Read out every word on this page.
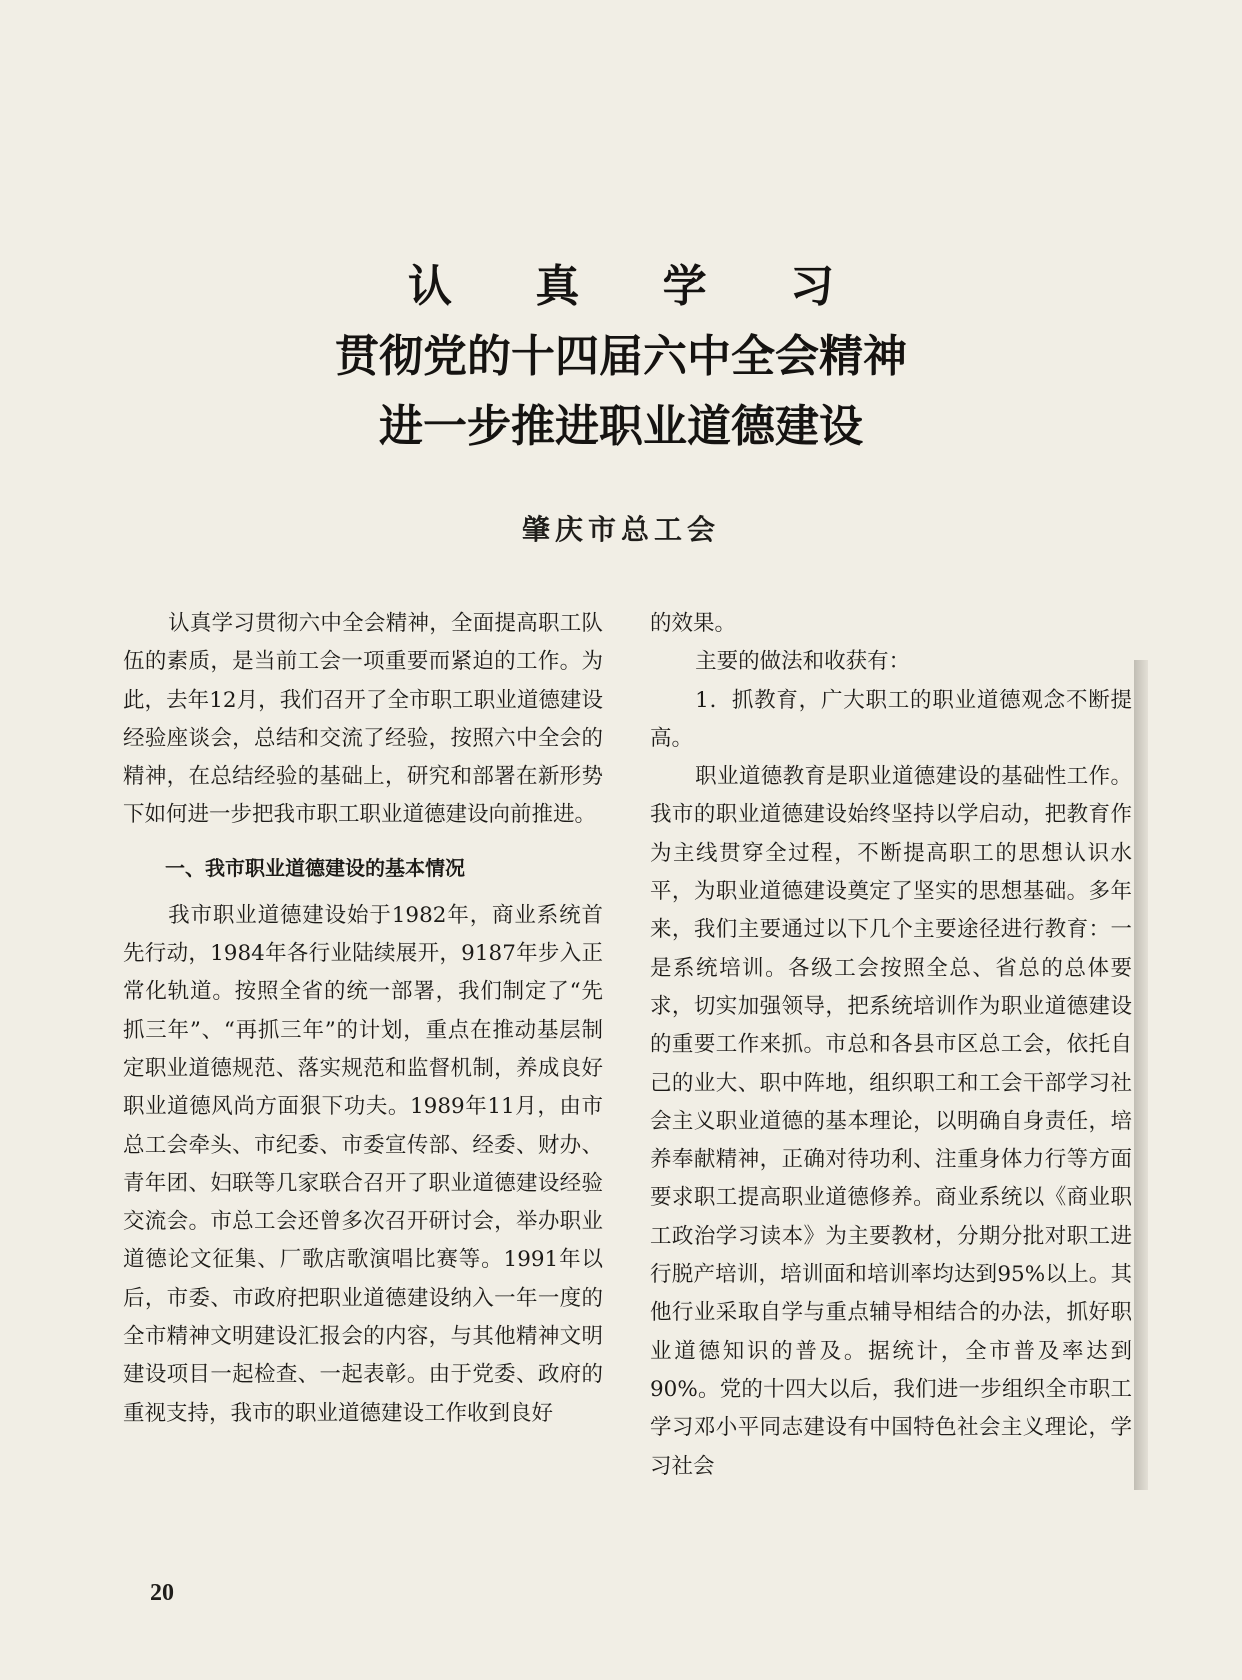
认 真 学 习
贯彻党的十四届六中全会精神
进一步推进职业道德建设
肇庆市总工会

认真学习贯彻六中全会精神，全面提高职工队伍的素质，是当前工会一项重要而紧迫的工作。为此，去年12月，我们召开了全市职工职业道德建设经验座谈会，总结和交流了经验，按照六中全会的精神，在总结经验的基础上，研究和部署在新形势下如何进一步把我市职工职业道德建设向前推进。

一、我市职业道德建设的基本情况

我市职业道德建设始于1982年，商业系统首先行动，1984年各行业陆续展开，9187年步入正常化轨道。按照全省的统一部署，我们制定了“先抓三年”、“再抓三年”的计划，重点在推动基层制定职业道德规范、落实规范和监督机制，养成良好职业道德风尚方面狠下功夫。1989年11月，由市总工会牵头、市纪委、市委宣传部、经委、财办、青年团、妇联等几家联合召开了职业道德建设经验交流会。市总工会还曾多次召开研讨会，举办职业道德论文征集、厂歌店歌演唱比赛等。1991年以后，市委、市政府把职业道德建设纳入一年一度的全市精神文明建设汇报会的内容，与其他精神文明建设项目一起检查、一起表彰。由于党委、政府的重视支持，我市的职业道德建设工作收到良好

的效果。

主要的做法和收获有：

1．抓教育，广大职工的职业道德观念不断提高。

职业道德教育是职业道德建设的基础性工作。我市的职业道德建设始终坚持以学启动，把教育作为主线贯穿全过程，不断提高职工的思想认识水平，为职业道德建设奠定了坚实的思想基础。多年来，我们主要通过以下几个主要途径进行教育：一是系统培训。各级工会按照全总、省总的总体要求，切实加强领导，把系统培训作为职业道德建设的重要工作来抓。市总和各县市区总工会，依托自己的业大、职中阵地，组织职工和工会干部学习社会主义职业道德的基本理论，以明确自身责任，培养奉献精神，正确对待功利、注重身体力行等方面要求职工提高职业道德修养。商业系统以《商业职工政治学习读本》为主要教材，分期分批对职工进行脱产培训，培训面和培训率均达到95%以上。其他行业采取自学与重点辅导相结合的办法，抓好职业道德知识的普及。据统计，全市普及率达到90%。党的十四大以后，我们进一步组织全市职工学习邓小平同志建设有中国特色社会主义理论，学习社会

20
